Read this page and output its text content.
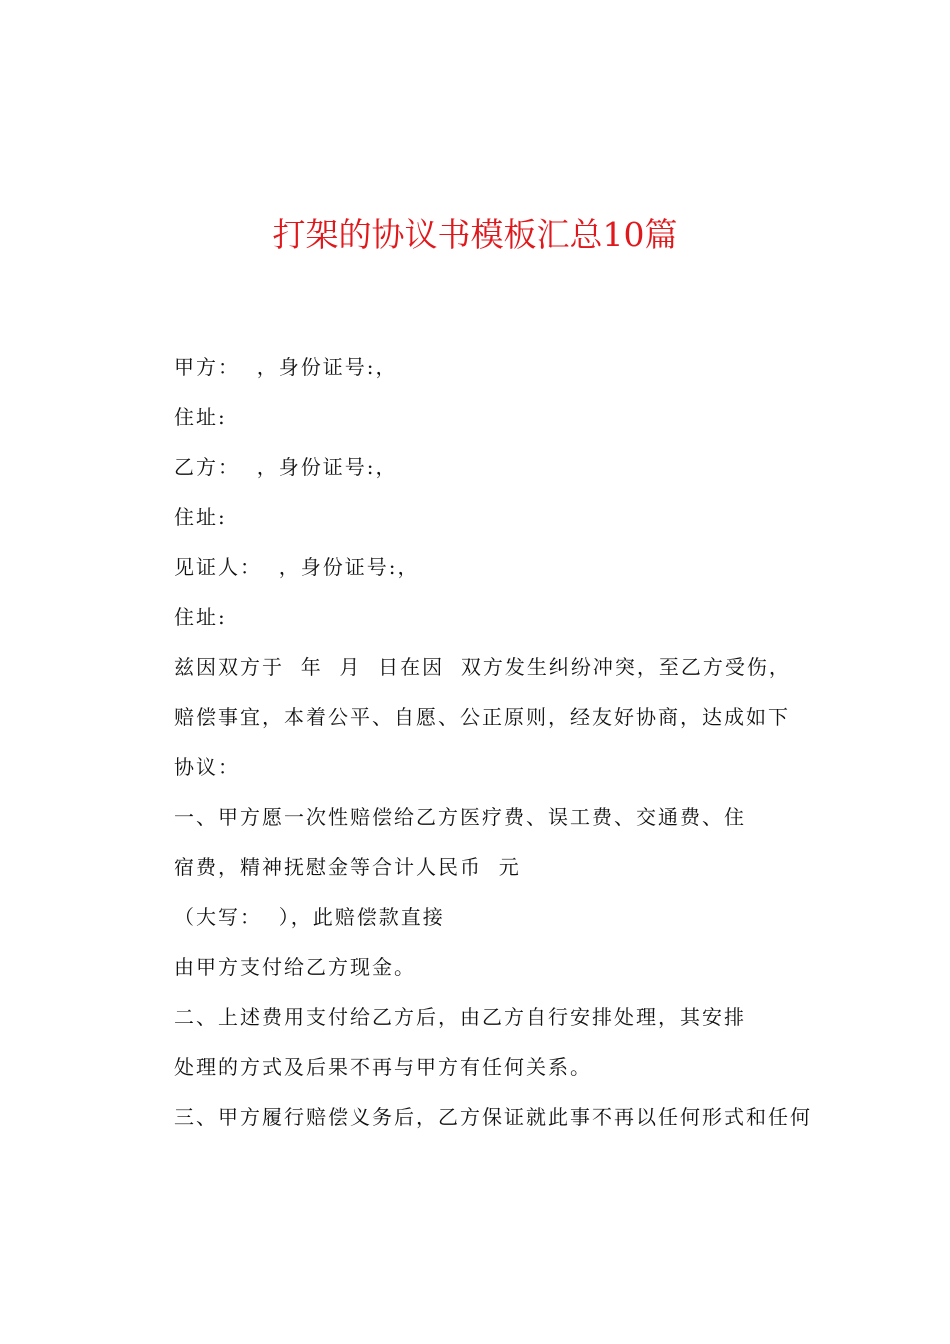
打架的协议书模板汇总10篇
甲方：  ，身份证号:，
住址:
乙方：  ，身份证号:，
住址:
见证人：  ，身份证号:，
住址:
兹因双方于  年  月  日在因  双方发生纠纷冲突，至乙方受伤，
赔偿事宜，本着公平、自愿、公正原则，经友好协商，达成如下
协议：
一、甲方愿一次性赔偿给乙方医疗费、误工费、交通费、住
宿费，精神抚慰金等合计人民币  元
（大写：  ），此赔偿款直接
由甲方支付给乙方现金。
二、上述费用支付给乙方后，由乙方自行安排处理，其安排
处理的方式及后果不再与甲方有任何关系。
三、甲方履行赔偿义务后，乙方保证就此事不再以任何形式和任何
